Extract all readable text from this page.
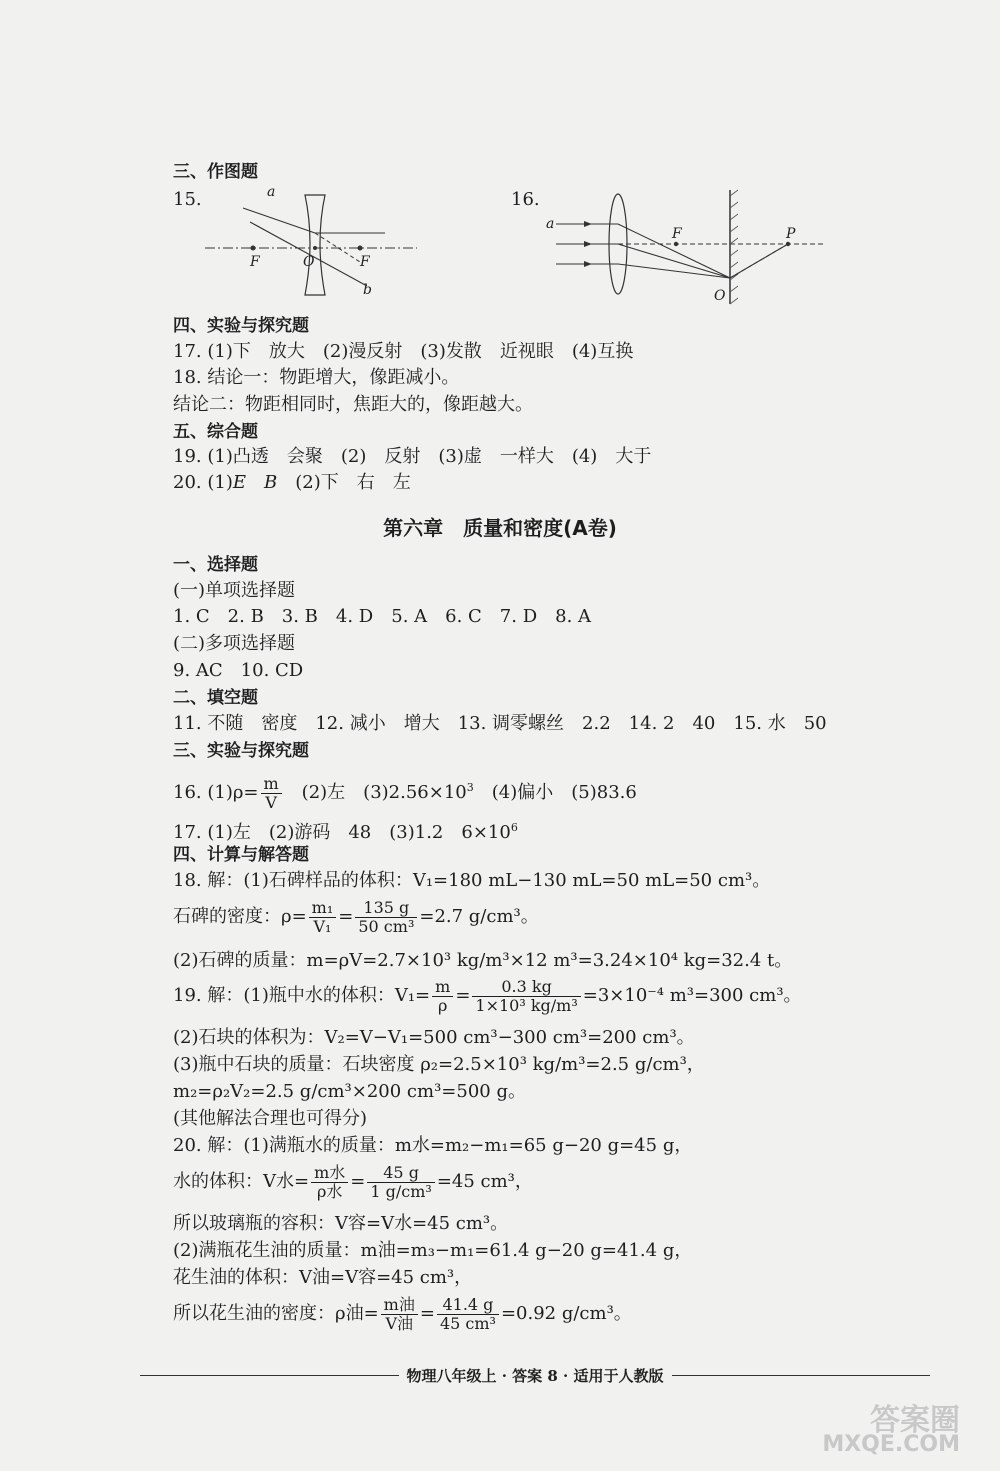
三、作图题
15.	a
F	O	F
b
16.
a
F	P
O
四、实验与探究题
17. (1)下　放大　(2)漫反射　(3)发散　近视眼　(4)互换
18. 结论一：物距增大，像距减小。
结论二：物距相同时，焦距大的，像距越大。
五、综合题
19. (1)凸透　会聚　(2)　反射　(3)虚　一样大　(4)　大于
20. (1)E　 B　 (2)下　右　左
第六章　质量和密度(A卷)
一、选择题
(一)单项选择题
1. C　2. B　3. B　4. D　5. A　6. C　7. D　8. A
(二)多项选择题
9. AC　10. CD
二、填空题
11. 不随　密度　12. 减小　增大　13. 调零螺丝　2.2　14. 2　40　15. 水　50
三、实验与探究题
16. $(1)\rho= \frac{m}{V}$ 　(2)左　$(3)2.56\times 10^3$　(4)偏小　(5)83.6
17. (1)左　(2)游码　48　(3)1.2　$6\times 10^6$
四、计算与解答题
18. 解：(1)石碑样品的体积：V₁=180 mL−130 mL=50 mL=50 cm³。
石碑的密度：$\rho= \frac{\text{m₁}}{\text{V₁}} = \frac{135 g}{\text{50 cm³}} =2.7$ g/cm³。
(2)石碑的质量：m=ρV=2.7×10³ kg/m³×12 m³=3.24×10⁴ kg=32.4 t。
19. 解：(1)瓶中水的体积：$V_1= \frac{m}{\rho} = \frac{0.3 kg}{\text{1×10³ kg/m³}} =3\times 10^{-4}$ m³=300 cm³。
(2)石块的体积为：V₂=V−V₁=500 cm³−300 cm³=200 cm³。
(3)瓶中石块的质量：石块密度 ρ₂=2.5×10³ kg/m³=2.5 g/cm³，
m₂=ρ₂V₂=2.5 g/cm³×200 cm³=500 g。
(其他解法合理也可得分)
20. 解：(1)满瓶水的质量：m水=m₂−m₁=65 g−20 g=45 g，
水的体积：V水= $\frac{\text{m水}}{\text{ρ水}} = \frac{45 g}{\text{1 g/cm³}} =45$ cm³，
所以玻璃瓶的容积：V容=V水=45 cm³。
(2)满瓶花生油的质量：m油=m₃−m₁=61.4 g−20 g=41.4 g，
花生油的体积：V油=V容=45 cm³，
所以花生油的密度：ρ油= $\frac{\text{m油}}{\text{V油}} = \frac{41.4 g}{\text{45 cm³}} =0.92$ g/cm³。
物理八年级上 · 答案 8 · 适用于人教版
答案圈
MXQE.COM
